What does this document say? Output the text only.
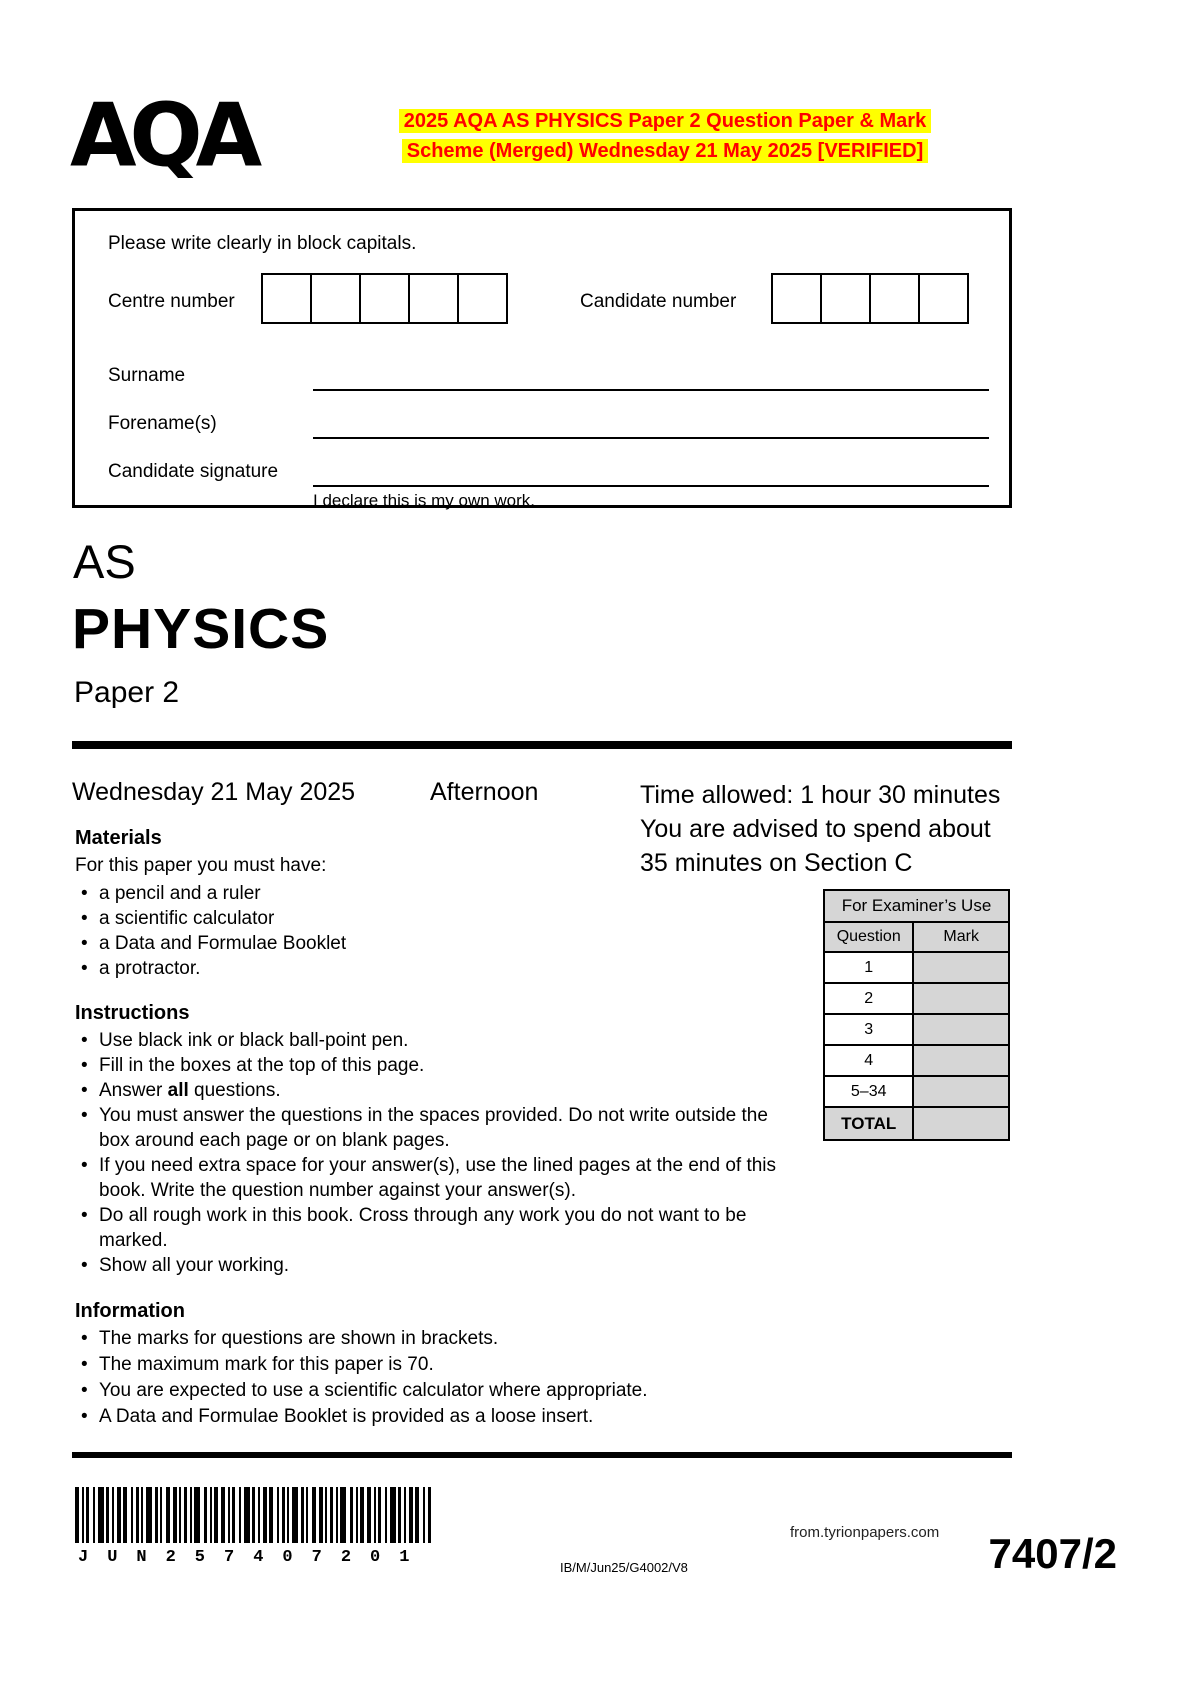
AQA	2025 AQA AS PHYSICS Paper 2 Question Paper & Mark
Scheme (Merged) Wednesday 21 May 2025 [VERIFIED]
Please write clearly in block capitals.
Centre number	Candidate number
Surname
Forename(s)
Candidate signature
I declare this is my own work.
AS
PHYSICS
Paper 2
Wednesday 21 May 2025	Afternoon	Time allowed: 1 hour 30 minutes
You are advised to spend about
35 minutes on Section C
Materials
For this paper you must have:
• a pencil and a ruler
• a scientific calculator
• a Data and Formulae Booklet
• a protractor.
For Examiner’s Use	
Question	Mark
1	
2	
3	
4	
5–34	
TOTAL	
Instructions
• Use black ink or black ball-point pen.
• Fill in the boxes at the top of this page.
• Answer all questions.
• You must answer the questions in the spaces provided. Do not write outside the box around each page or on blank pages.
• If you need extra space for your answer(s), use the lined pages at the end of this book. Write the question number against your answer(s).
• Do all rough work in this book. Cross through any work you do not want to be marked.
• Show all your working.
Information
• The marks for questions are shown in brackets.
• The maximum mark for this paper is 70.
• You are expected to use a scientific calculator where appropriate.
• A Data and Formulae Booklet is provided as a loose insert.
JUN257407201
IB/M/Jun25/G4002/V8
from.tyrionpapers.com 7407/2
